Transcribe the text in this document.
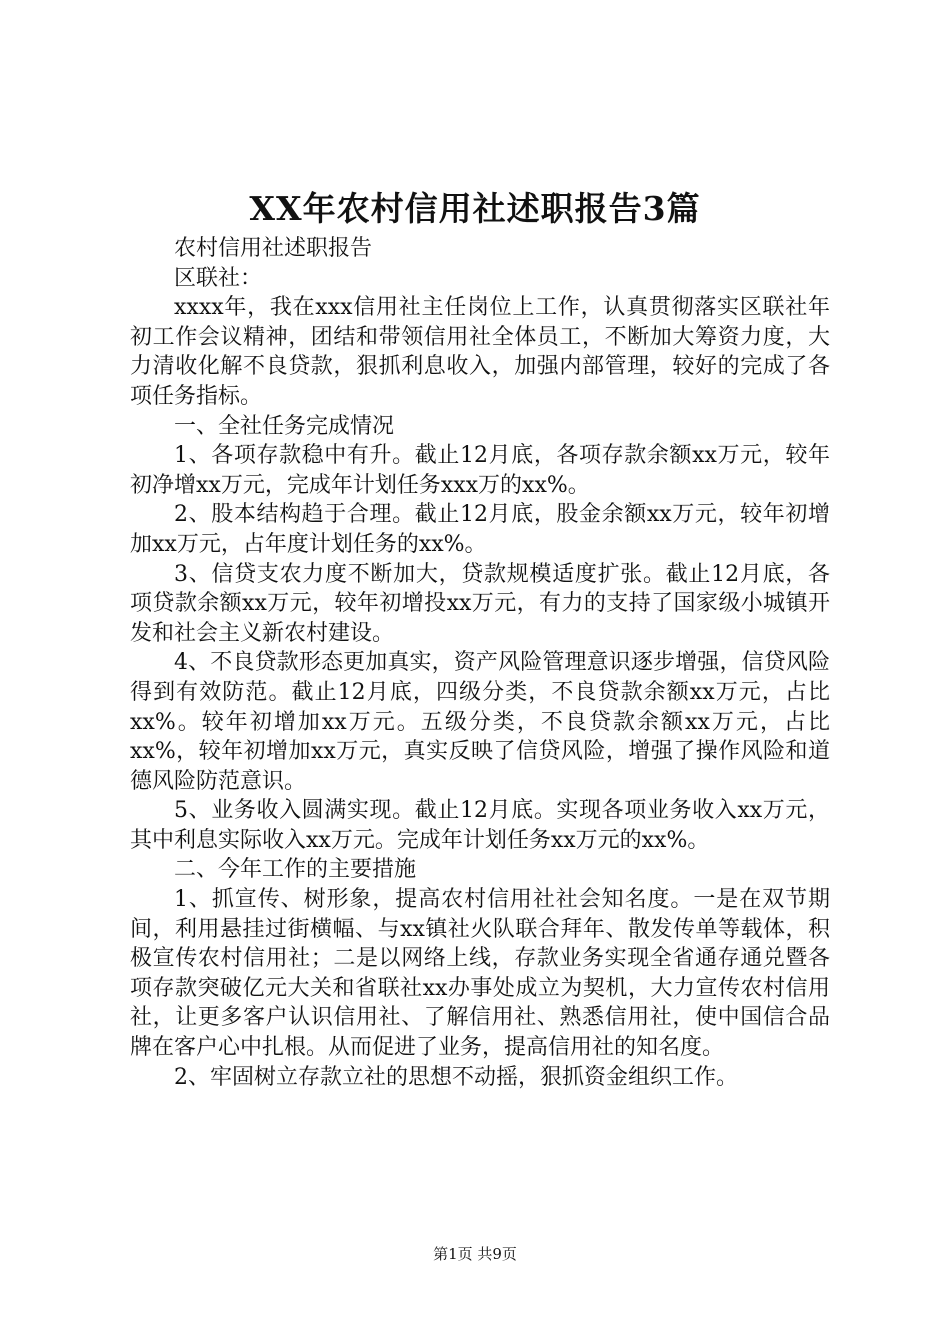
XX年农村信用社述职报告3篇

农村信用社述职报告

区联社：

xxxx年，我在xxx信用社主任岗位上工作，认真贯彻落实区联社年初工作会议精神，团结和带领信用社全体员工，不断加大筹资力度，大力清收化解不良贷款，狠抓利息收入，加强内部管理，较好的完成了各项任务指标。

一、全社任务完成情况

1、各项存款稳中有升。截止12月底，各项存款余额xx万元，较年初净增xx万元，完成年计划任务xxx万的xx%。

2、股本结构趋于合理。截止12月底，股金余额xx万元，较年初增加xx万元，占年度计划任务的xx%。

3、信贷支农力度不断加大，贷款规模适度扩张。截止12月底，各项贷款余额xx万元，较年初增投xx万元，有力的支持了国家级小城镇开发和社会主义新农村建设。

4、不良贷款形态更加真实，资产风险管理意识逐步增强，信贷风险得到有效防范。截止12月底，四级分类，不良贷款余额xx万元，占比xx%。较年初增加xx万元。五级分类，不良贷款余额xx万元，占比xx%，较年初增加xx万元，真实反映了信贷风险，增强了操作风险和道德风险防范意识。

5、业务收入圆满实现。截止12月底。实现各项业务收入xx万元，其中利息实际收入xx万元。完成年计划任务xx万元的xx%。

二、今年工作的主要措施

1、抓宣传、树形象，提高农村信用社社会知名度。一是在双节期间，利用悬挂过街横幅、与xx镇社火队联合拜年、散发传单等载体，积极宣传农村信用社；二是以网络上线，存款业务实现全省通存通兑暨各项存款突破亿元大关和省联社xx办事处成立为契机，大力宣传农村信用社，让更多客户认识信用社、了解信用社、熟悉信用社，使中国信合品牌在客户心中扎根。从而促进了业务，提高信用社的知名度。

2、牢固树立存款立社的思想不动摇，狠抓资金组织工作。

第1页 共9页
